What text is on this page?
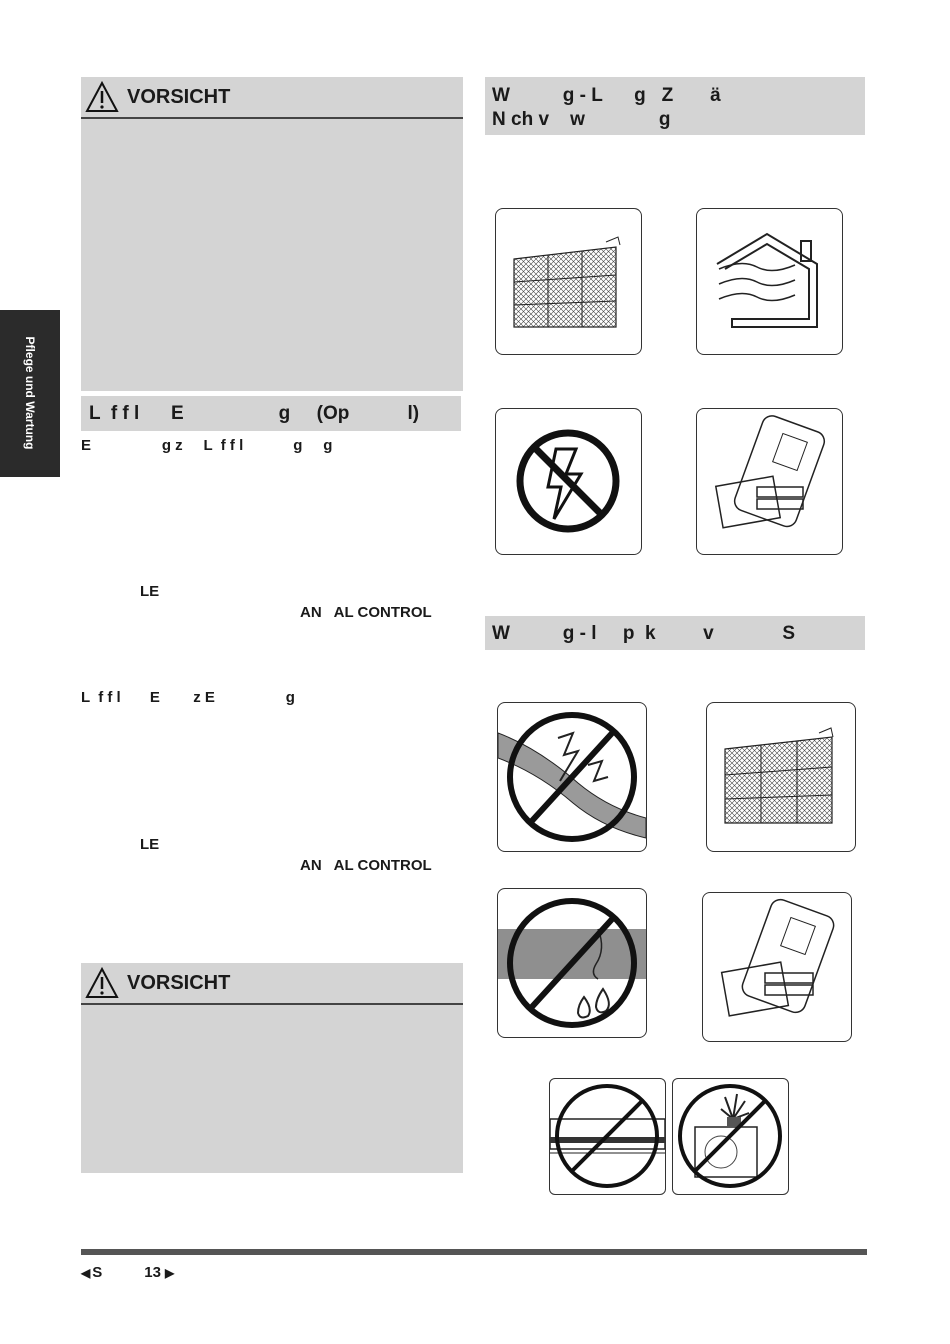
Pflege und Wartung
VORSICHT
L  f f l      E                  g     (Op           l)
E                 g z     L  f f l            g     g
LE
AN   AL CONTROL
L  f f l       E        z E                 g
LE
AN   AL CONTROL
VORSICHT
W          g - L      g   Z       ä
N ch v    w              g
W          g - l     p  k         v             S
◀ S	13 ▶
